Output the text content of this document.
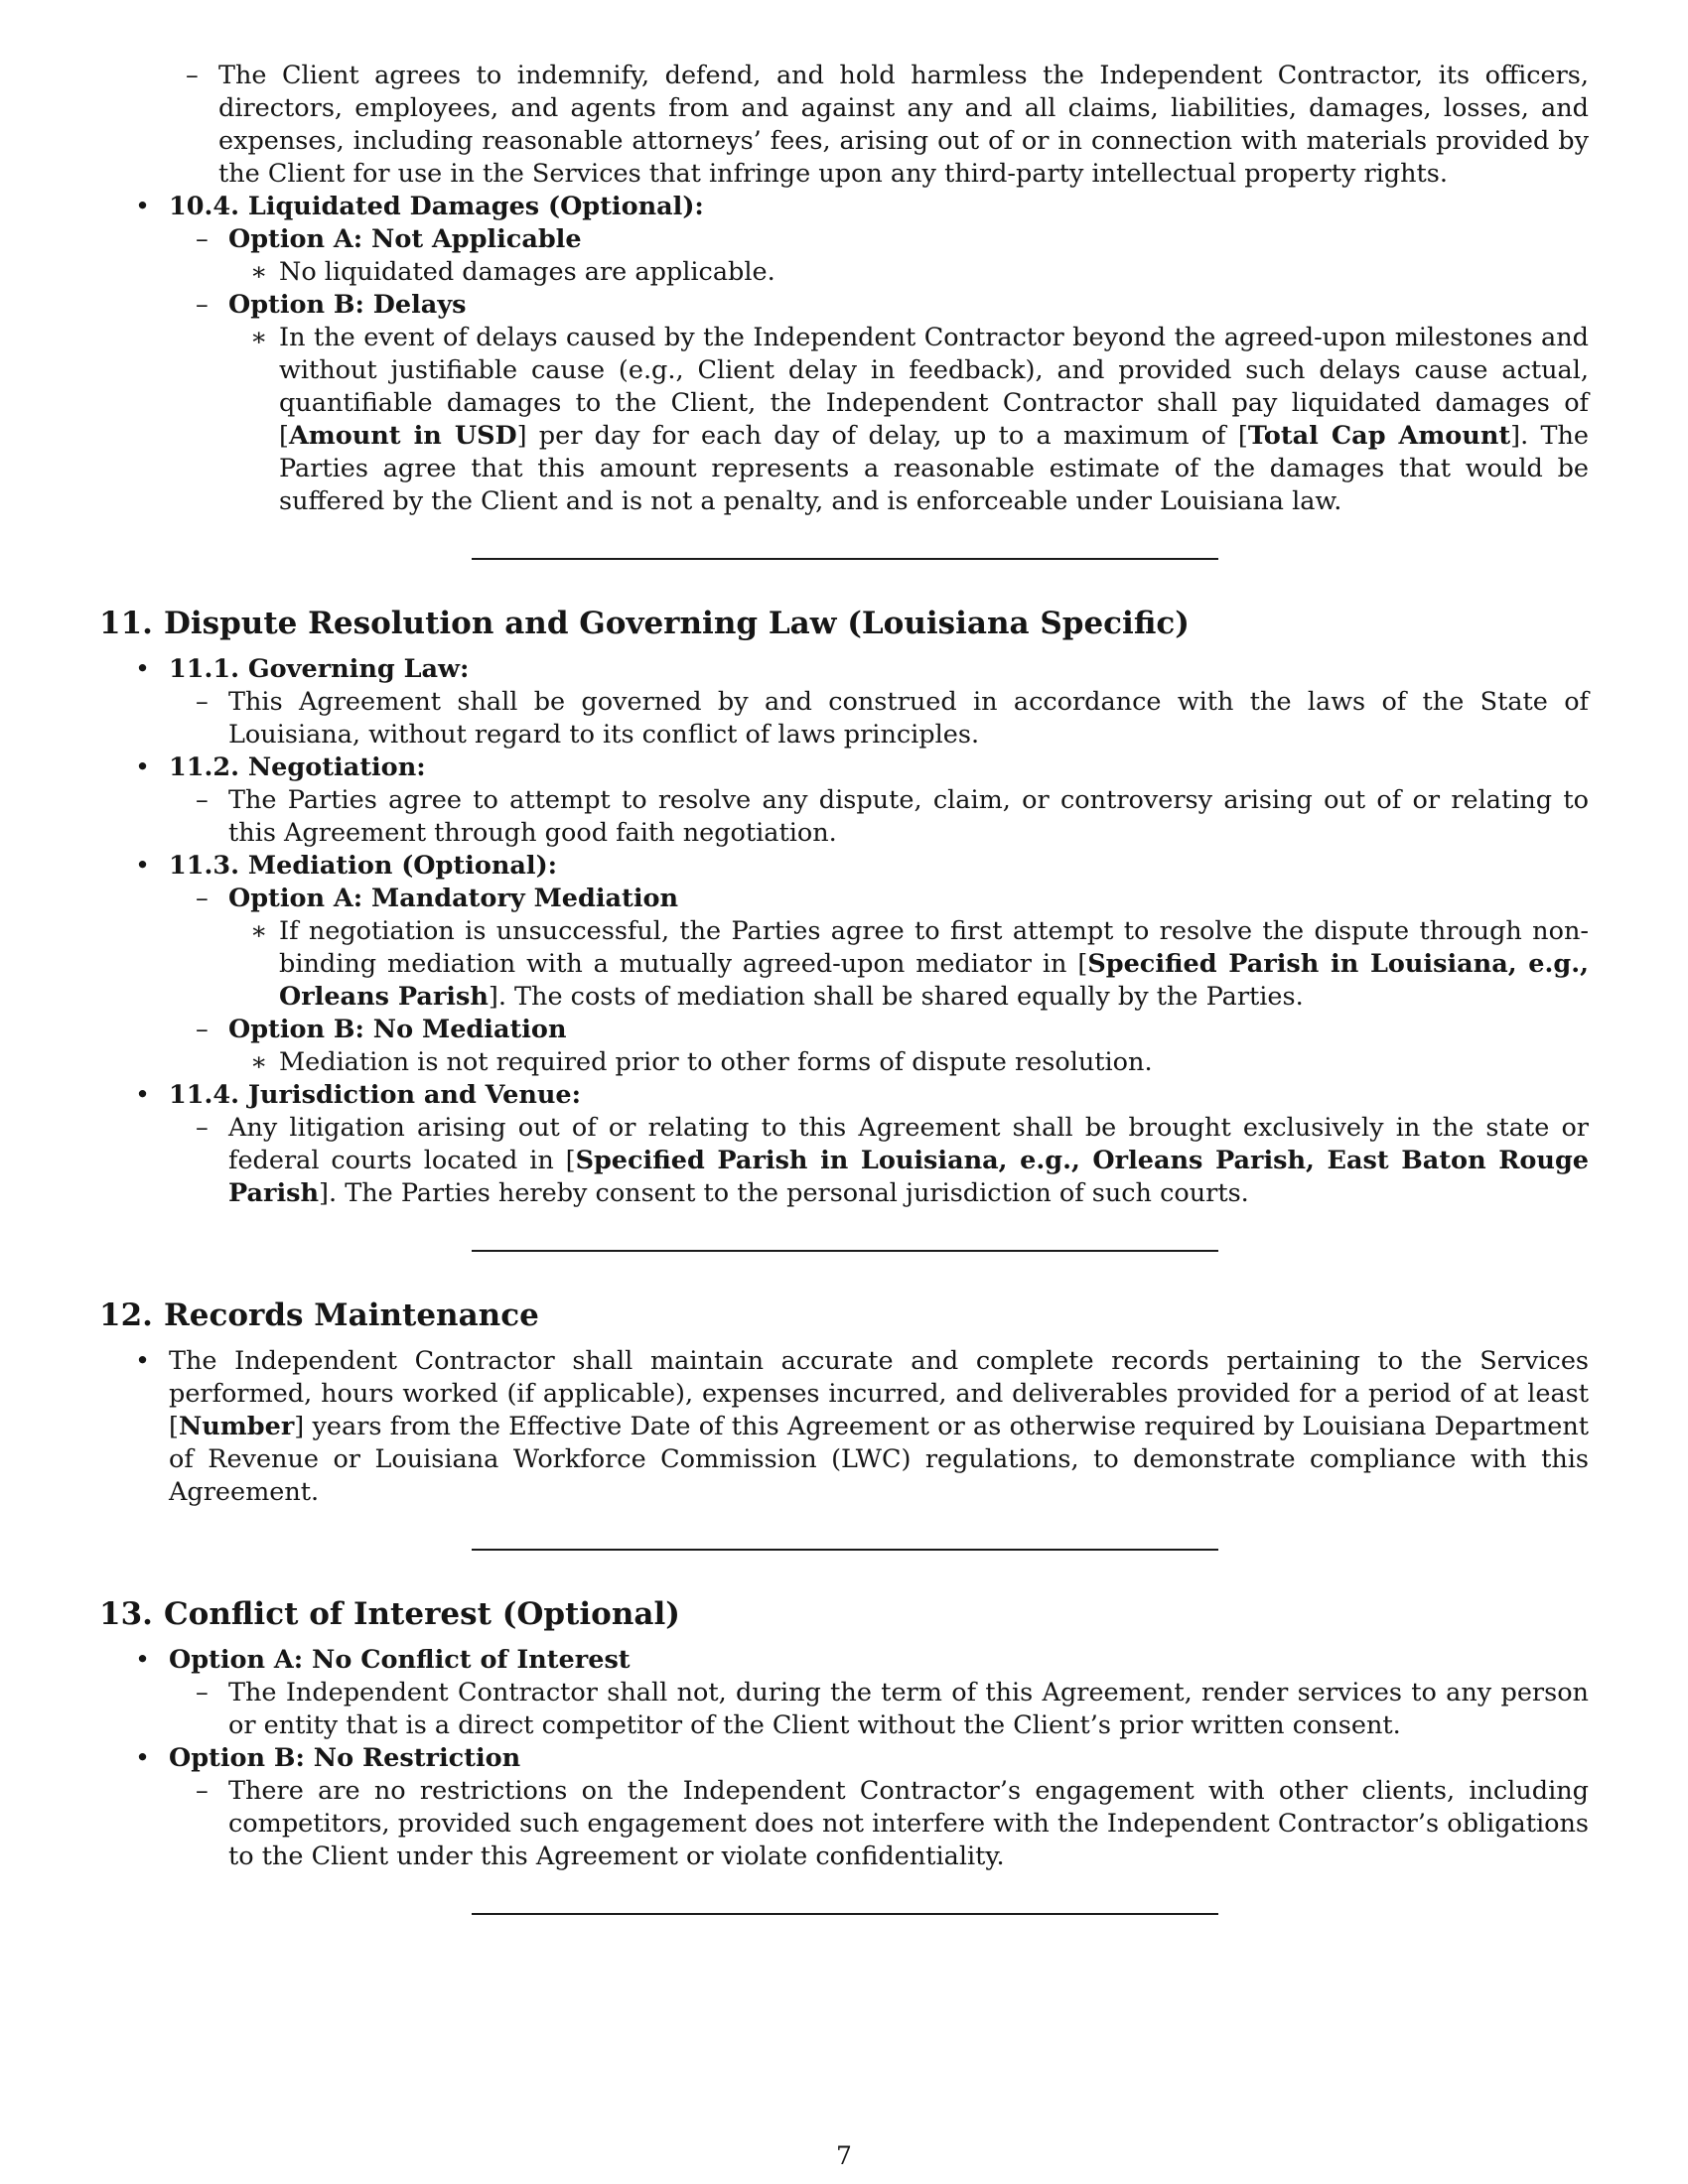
– The Client agrees to indemnify, defend, and hold harmless the Independent Contractor, its officers, directors, employees, and agents from and against any and all claims, liabilities, damages, losses, and expenses, including reasonable attorneys’ fees, arising out of or in connection with materials provided by the Client for use in the Services that infringe upon any third-party intellectual property rights.
• 10.4. Liquidated Damages (Optional):
– Option A: Not Applicable
∗ No liquidated damages are applicable.
– Option B: Delays
∗ In the event of delays caused by the Independent Contractor beyond the agreed-upon milestones and without justifiable cause (e.g., Client delay in feedback), and provided such delays cause actual, quantifiable damages to the Client, the Independent Contractor shall pay liquidated damages of [Amount in USD] per day for each day of delay, up to a maximum of [Total Cap Amount]. The Parties agree that this amount represents a reasonable estimate of the damages that would be suffered by the Client and is not a penalty, and is enforceable under Louisiana law.
11. Dispute Resolution and Governing Law (Louisiana Specific)
• 11.1. Governing Law:
– This Agreement shall be governed by and construed in accordance with the laws of the State of Louisiana, without regard to its conflict of laws principles.
• 11.2. Negotiation:
– The Parties agree to attempt to resolve any dispute, claim, or controversy arising out of or relating to this Agreement through good faith negotiation.
• 11.3. Mediation (Optional):
– Option A: Mandatory Mediation
∗ If negotiation is unsuccessful, the Parties agree to first attempt to resolve the dispute through non-binding mediation with a mutually agreed-upon mediator in [Specified Parish in Louisiana, e.g., Orleans Parish]. The costs of mediation shall be shared equally by the Parties.
– Option B: No Mediation
∗ Mediation is not required prior to other forms of dispute resolution.
• 11.4. Jurisdiction and Venue:
– Any litigation arising out of or relating to this Agreement shall be brought exclusively in the state or federal courts located in [Specified Parish in Louisiana, e.g., Orleans Parish, East Baton Rouge Parish]. The Parties hereby consent to the personal jurisdiction of such courts.
12. Records Maintenance
• The Independent Contractor shall maintain accurate and complete records pertaining to the Services performed, hours worked (if applicable), expenses incurred, and deliverables provided for a period of at least [Number] years from the Effective Date of this Agreement or as otherwise required by Louisiana Department of Revenue or Louisiana Workforce Commission (LWC) regulations, to demonstrate compliance with this Agreement.
13. Conflict of Interest (Optional)
• Option A: No Conflict of Interest
– The Independent Contractor shall not, during the term of this Agreement, render services to any person or entity that is a direct competitor of the Client without the Client’s prior written consent.
• Option B: No Restriction
– There are no restrictions on the Independent Contractor’s engagement with other clients, including competitors, provided such engagement does not interfere with the Independent Contractor’s obligations to the Client under this Agreement or violate confidentiality.
7
